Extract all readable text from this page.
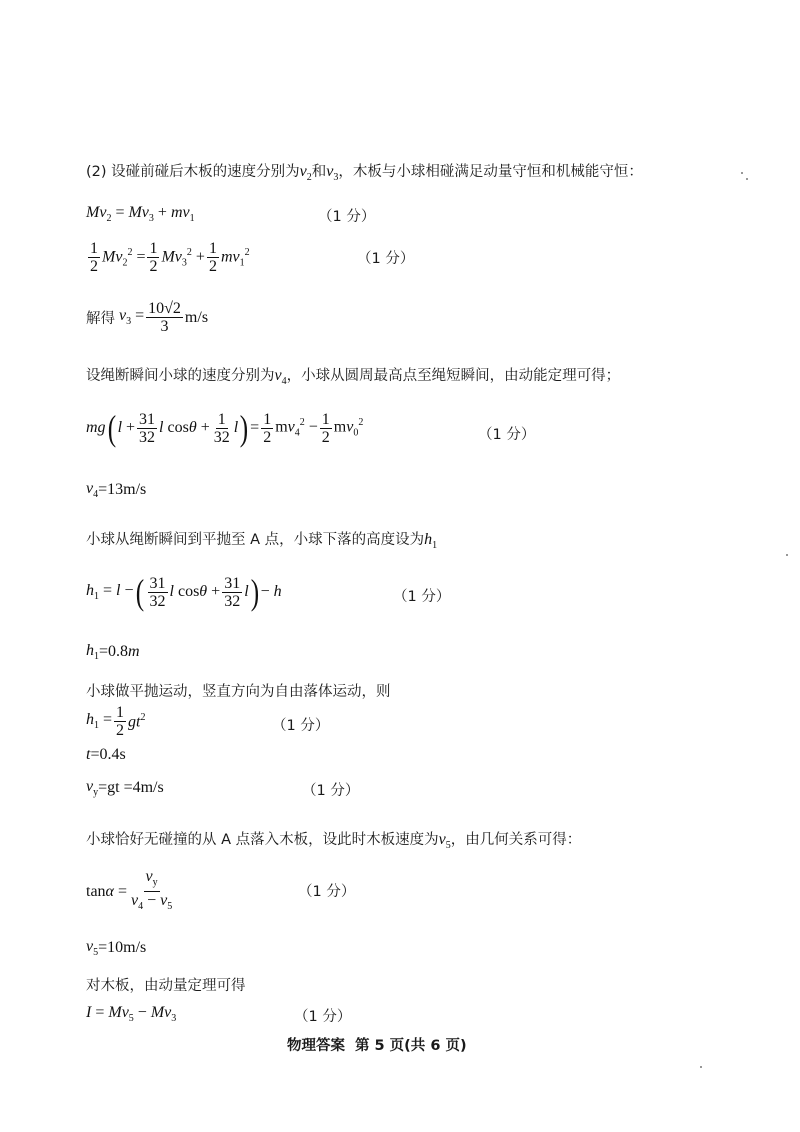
(2) 设碰前碰后木板的速度分别为$v_2$和$v_3$，木板与小球相碰满足动量守恒和机械能守恒：
$Mv_2 = Mv_3 + mv_1$	（1 分）
$\frac{1}{2} Mv_2^2 = \frac{1}{2} Mv_3^2 + \frac{1}{2} mv_1^2$	（1 分）
解得 $v_3 = \frac{10√2}{3} m/s$
设绳断瞬间小球的速度分别为$v_4$，小球从圆周最高点至绳短瞬间，由动能定理可得；
mg ( $l + \frac{31}{32}$ l $\cos\theta + \frac{1}{32}$ l ) = $\frac{1}{2} mv_4^2 - \frac{1}{2} mv_0^2$
（1 分）
$v_4 =13m/s$
小球从绳断瞬间到平抛至 A 点，小球下落的高度设为$h_1$
$h_1 = l$ − ( $\frac{31}{32}$ l $\cos\theta + \frac{31}{32}$ l ) − h	（1 分）
$h_1 =0.8$ m
小球做平抛运动，竖直方向为自由落体运动，则
$h_1 = \frac{1}{2} gt^2$
（1 分）
t =0.4s
$v_y =gt =4m/s$	（1 分）
小球恰好无碰撞的从 A 点落入木板，设此时木板速度为$v_5$，由几何关系可得：
$\tan\alpha = \frac{v_y}{v_4 - v_5}$	（1 分）
$v_5 =10m/s$
对木板，由动量定理可得
$I = Mv_5 - Mv_3$	（1 分）
物理答案 第 5 页(共 6 页)
